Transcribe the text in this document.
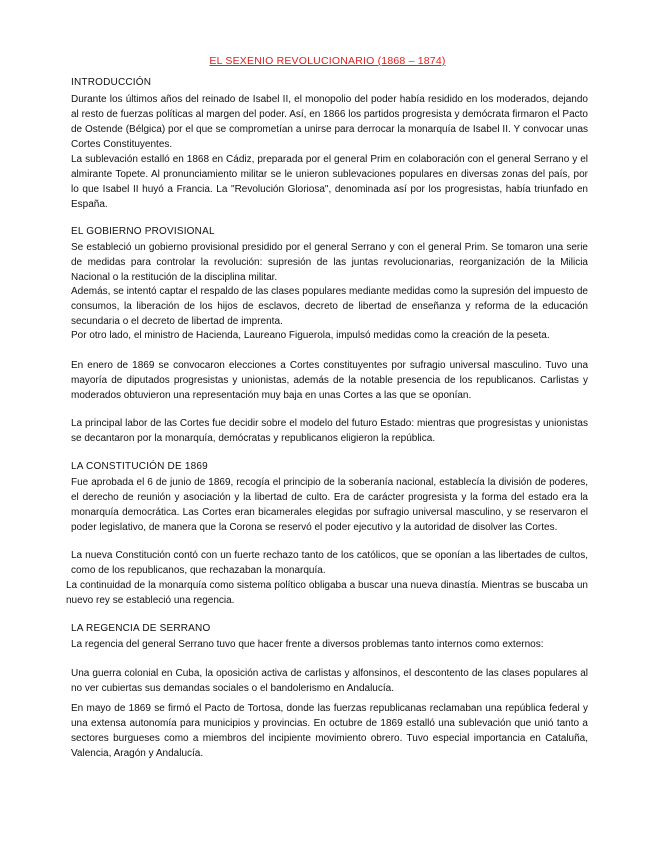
EL SEXENIO REVOLUCIONARIO (1868 – 1874)
INTRODUCCIÓN

Durante los últimos años del reinado de Isabel II, el monopolio del poder había residido en los moderados, dejando al resto de fuerzas políticas al margen del poder. Así, en 1866 los partidos progresista y demócrata firmaron el Pacto de Ostende (Bélgica) por el que se comprometían a unirse para derrocar la monarquía de Isabel II. Y convocar unas Cortes Constituyentes.

La sublevación estalló en 1868 en Cádiz, preparada por el general Prim en colaboración con el general Serrano y el almirante Topete. Al pronunciamiento militar se le unieron sublevaciones populares en diversas zonas del país, por lo que Isabel II huyó a Francia. La "Revolución Gloriosa", denominada así por los progresistas, había triunfado en España.

EL GOBIERNO PROVISIONAL

Se estableció un gobierno provisional presidido por el general Serrano y con el general Prim. Se tomaron una serie de medidas para controlar la revolución: supresión de las juntas revolucionarias, reorganización de la Milicia Nacional o la restitución de la disciplina militar.

Además, se intentó captar el respaldo de las clases populares mediante medidas como la supresión del impuesto de consumos, la liberación de los hijos de esclavos, decreto de libertad de enseñanza y reforma de la educación secundaria o el decreto de libertad de imprenta.

Por otro lado, el ministro de Hacienda, Laureano Figuerola, impulsó medidas como la creación de la peseta.

En enero de 1869 se convocaron elecciones a Cortes constituyentes por sufragio universal masculino. Tuvo una mayoría de diputados progresistas y unionistas, además de la notable presencia de los republicanos. Carlistas y moderados obtuvieron una representación muy baja en unas Cortes a las que se oponían.

La principal labor de las Cortes fue decidir sobre el modelo del futuro Estado: mientras que progresistas y unionistas se decantaron por la monarquía, demócratas y republicanos eligieron la república.

LA CONSTITUCIÓN DE 1869

Fue aprobada el 6 de junio de 1869, recogía el principio de la soberanía nacional, establecía la división de poderes, el derecho de reunión y asociación y la libertad de culto. Era de carácter progresista y la forma del estado era la monarquía democrática. Las Cortes eran bicamerales elegidas por sufragio universal masculino, y se reservaron el poder legislativo, de manera que la Corona se reservó el poder ejecutivo y la autoridad de disolver las Cortes.

La nueva Constitución contó con un fuerte rechazo tanto de los católicos, que se oponían a las libertades de cultos, como de los republicanos, que rechazaban la monarquía.

La continuidad de la monarquía como sistema político obligaba a buscar una nueva dinastía. Mientras se buscaba un nuevo rey se estableció una regencia.

LA REGENCIA DE SERRANO

La regencia del general Serrano tuvo que hacer frente a diversos problemas tanto internos como externos:

Una guerra colonial en Cuba, la oposición activa de carlistas y alfonsinos, el descontento de las clases populares al no ver cubiertas sus demandas sociales o el bandolerismo en Andalucía.

En mayo de 1869 se firmó el Pacto de Tortosa, donde las fuerzas republicanas reclamaban una república federal y una extensa autonomía para municipios y provincias. En octubre de 1869 estalló una sublevación que unió tanto a sectores burgueses como a miembros del incipiente movimiento obrero. Tuvo especial importancia en Cataluña, Valencia, Aragón y Andalucía.
